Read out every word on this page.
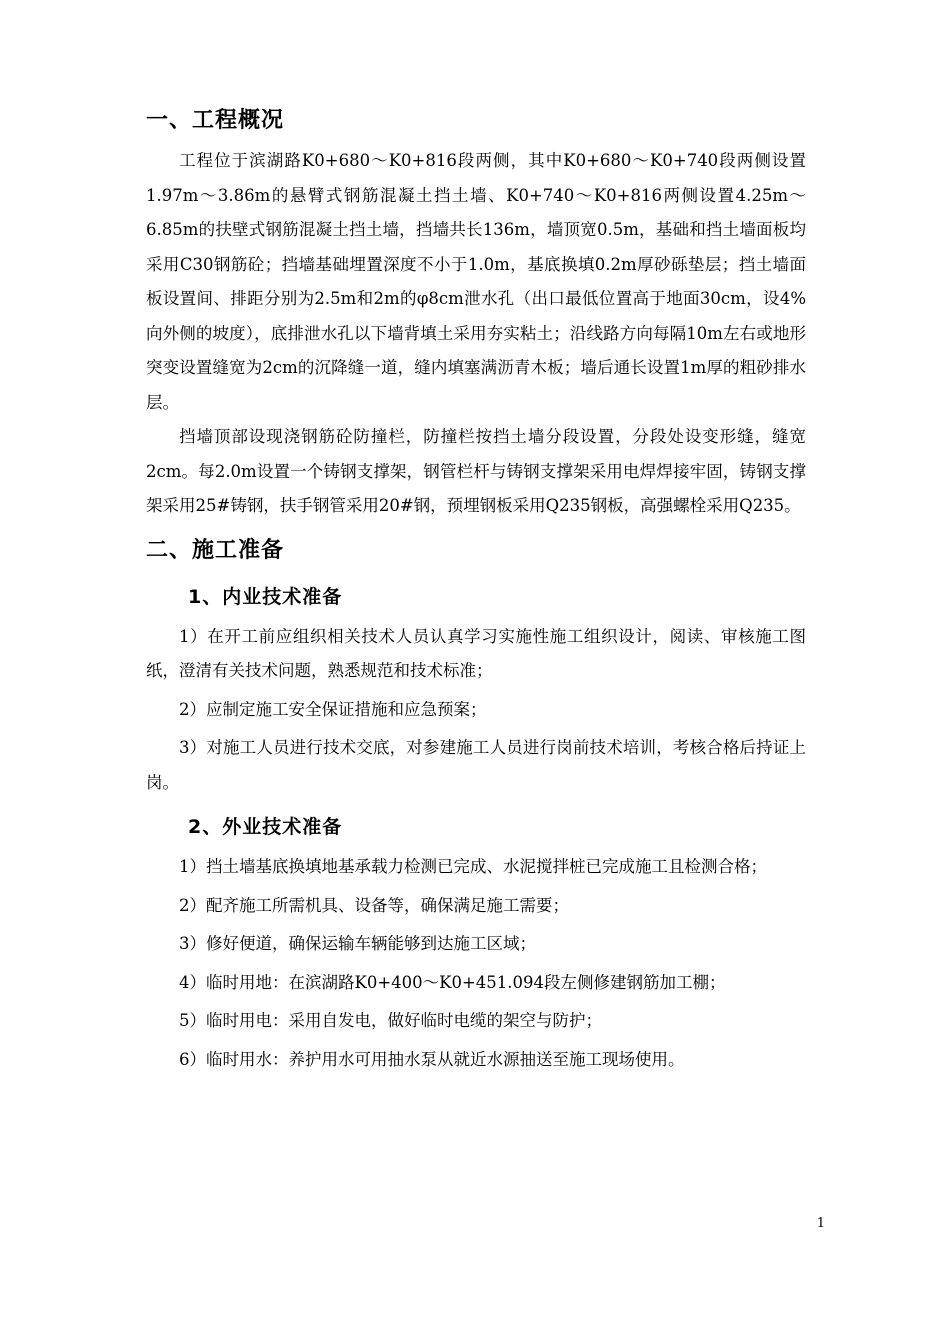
一、工程概况

工程位于滨湖路K0+680～K0+816段两侧，其中K0+680～K0+740段两侧设置1.97m～3.86m的悬臂式钢筋混凝土挡土墙、K0+740～K0+816两侧设置4.25m～6.85m的扶壁式钢筋混凝土挡土墙，挡墙共长136m，墙顶宽0.5m，基础和挡土墙面板均采用C30钢筋砼；挡墙基础埋置深度不小于1.0m，基底换填0.2m厚砂砾垫层；挡土墙面板设置间、排距分别为2.5m和2m的φ8cm泄水孔（出口最低位置高于地面30cm，设4%向外侧的坡度），底排泄水孔以下墙背填土采用夯实粘土；沿线路方向每隔10m左右或地形突变设置缝宽为2cm的沉降缝一道，缝内填塞满沥青木板；墙后通长设置1m厚的粗砂排水层。

挡墙顶部设现浇钢筋砼防撞栏，防撞栏按挡土墙分段设置，分段处设变形缝，缝宽2cm。每2.0m设置一个铸钢支撑架，钢管栏杆与铸钢支撑架采用电焊焊接牢固，铸钢支撑架采用25#铸钢，扶手钢管采用20#钢，预埋钢板采用Q235钢板，高强螺栓采用Q235。

二、施工准备
1、内业技术准备

1）在开工前应组织相关技术人员认真学习实施性施工组织设计，阅读、审核施工图纸，澄清有关技术问题，熟悉规范和技术标准；

2）应制定施工安全保证措施和应急预案；

3）对施工人员进行技术交底，对参建施工人员进行岗前技术培训，考核合格后持证上岗。

2、外业技术准备

1）挡土墙基底换填地基承载力检测已完成、水泥搅拌桩已完成施工且检测合格；

2）配齐施工所需机具、设备等，确保满足施工需要；

3）修好便道，确保运输车辆能够到达施工区域；

4）临时用地：在滨湖路K0+400～K0+451.094段左侧修建钢筋加工棚；

5）临时用电：采用自发电，做好临时电缆的架空与防护；

6）临时用水：养护用水可用抽水泵从就近水源抽送至施工现场使用。

1
